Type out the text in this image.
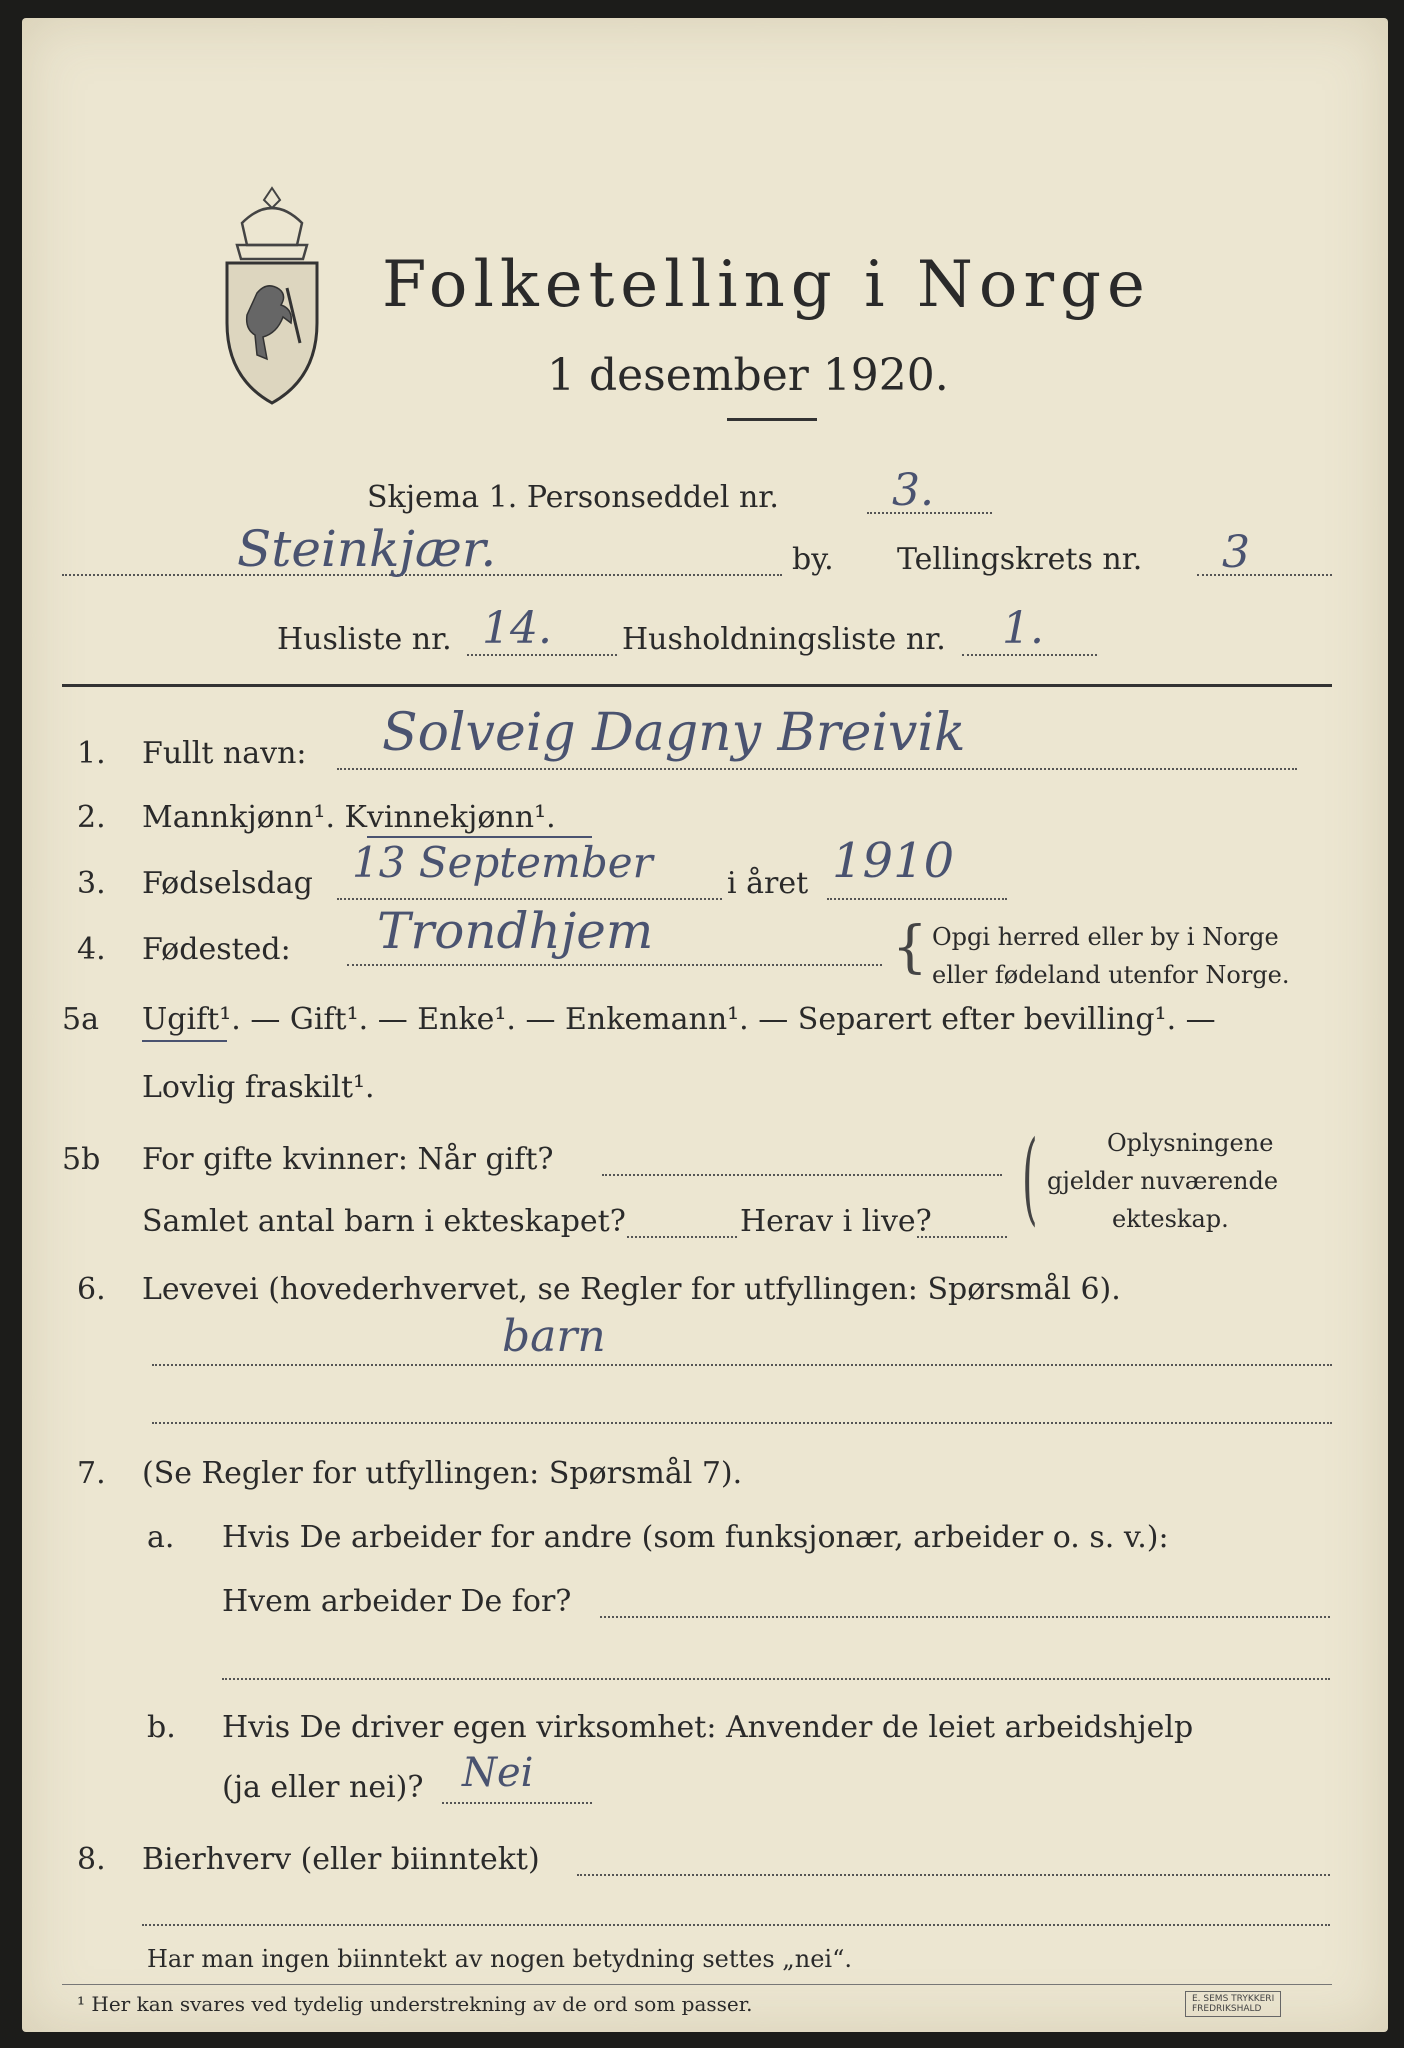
Folketelling i Norge
1 desember 1920.
Skjema 1. Personseddel nr.	3.
Steinkjær.	by. Tellingskrets nr. 3
Husliste nr. 14. Husholdningsliste nr. 1.
1. Fullt navn: Solveig Dagny Breivik
2. Mannkjønn¹. Kvinnekjønn¹.
3. Fødselsdag 13 September i året 1910
4. Fødested: Trondhjem	{ Opgi herred eller by i Norge
eller fødeland utenfor Norge.
5a Ugift¹. — Gift¹. — Enke¹. — Enkemann¹. — Separert efter bevilling¹. —
Lovlig fraskilt¹.
5b For gifte kvinner: Når gift?
Samlet antal barn i ekteskapet?	Herav i live? (	Oplysningene
gjelder nuværende
ekteskap.
6. Levevei (hovederhvervet, se Regler for utfyllingen: Spørsmål 6).
barn
7. (Se Regler for utfyllingen: Spørsmål 7).
a. Hvis De arbeider for andre (som funksjonær, arbeider o. s. v.):
Hvem arbeider De for?
b. Hvis De driver egen virksomhet: Anvender de leiet arbeidshjelp
(ja eller nei)? Nei
8. Bierhverv (eller biinntekt)
Har man ingen biinntekt av nogen betydning settes „nei“.
¹ Her kan svares ved tydelig understrekning av de ord som passer.	E. SEMS TRYKKERI
FREDRIKSHALD
